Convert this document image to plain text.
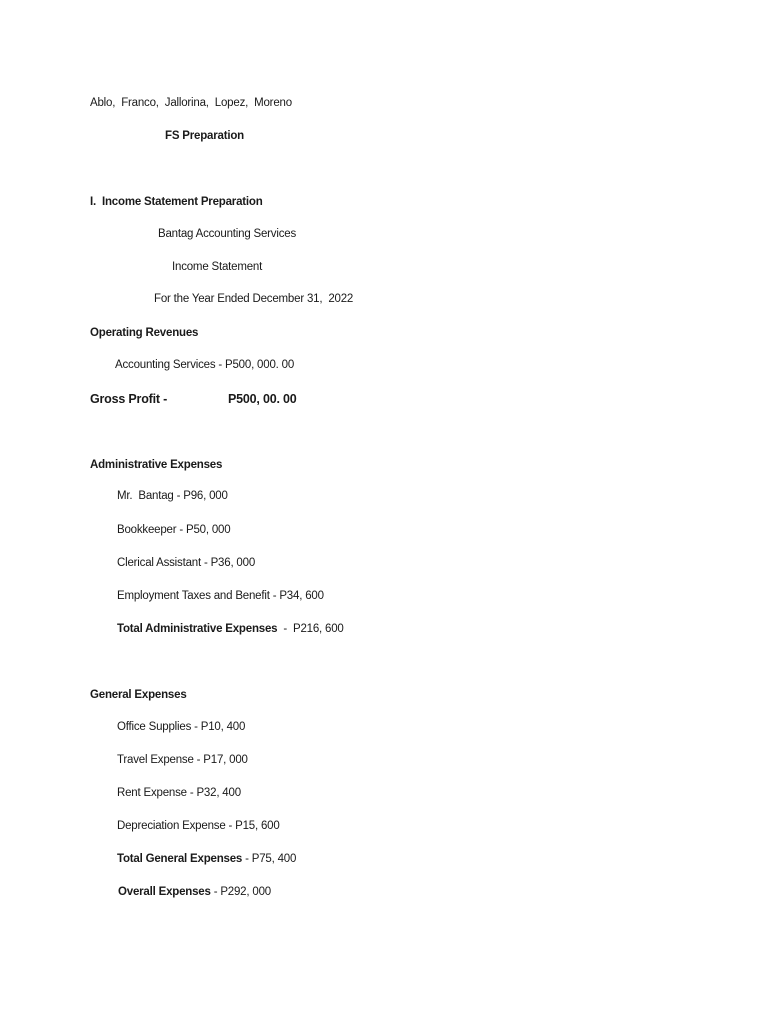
Ablo,  Franco,  Jallorina,  Lopez,  Moreno
FS Preparation
I.  Income Statement Preparation
Bantag Accounting Services
Income Statement
For the Year Ended December 31,  2022
Operating Revenues
Accounting Services - P500, 000. 00
Gross Profit -	P500, 00. 00
Administrative Expenses
Mr.  Bantag - P96, 000
Bookkeeper - P50, 000
Clerical Assistant - P36, 000
Employment Taxes and Benefit - P34, 600
Total Administrative Expenses  -  P216, 600
General Expenses
Office Supplies - P10, 400
Travel Expense - P17, 000
Rent Expense - P32, 400
Depreciation Expense - P15, 600
Total General Expenses - P75, 400
Overall Expenses - P292, 000
